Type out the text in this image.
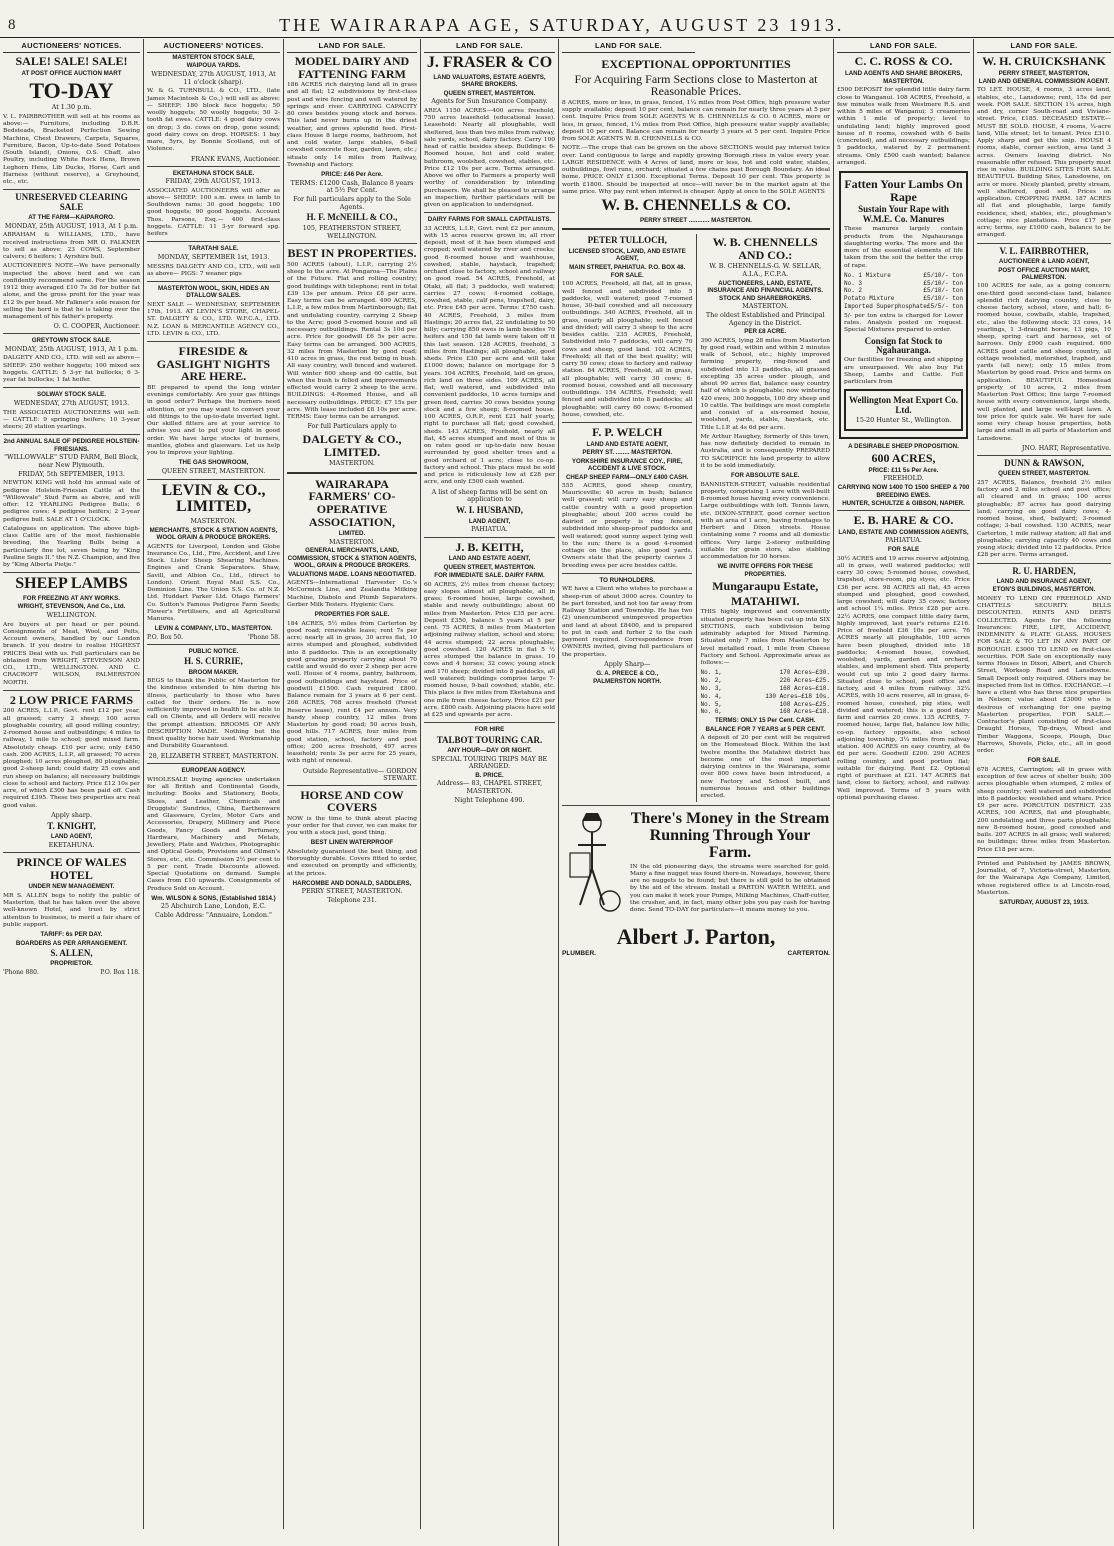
8	THE WAIRARAPA AGE, SATURDAY, AUGUST 23 1913.
AUCTIONEERS' NOTICES.
SALE! SALE! SALE!
AT POST OFFICE AUCTION MART
TO-DAY
At 1.30 p.m.
V. L. FAIRBROTHER will sell at his rooms as above:— Furniture, including D.B.R. Bedsteads, Bracketed Perfection Sewing Machine, Chest Drawers, Carpets, Squares, Furniture, Bacon, Up-to-date Seed Potatoes (South Island), Onions, O.S. Chaff, also Poultry, including White Rock Hens, Brown Leghorn Hens, Lib Ducks, Horse, Cart and Harness (without reserve), a Greyhound, etc., etc.
UNRESERVED CLEARING SALE
AT THE FARM—KAIPARORO.
MONDAY, 25th AUGUST, 1913, At 1 p.m.
ABRAHAM & WILLIAMS, LTD., have received instructions from MR O. FALKNER to sell as above: 23 COWS, September calvers; 6 heifers; 1 Ayrshire bull.
AUCTIONEER'S NOTE—We have personally inspected the above herd and we can confidently recommend same. For the season 1912 they averaged £10 7s 3d for butter fat alone, and the gross profit for the year was £12 9s per head. Mr Falkner's sole reason for selling the herd is that he is taking over the management of his father's property.
O. C. COOPER, Auctioneer.
GREYTOWN STOCK SALE.
MONDAY, 25th AUGUST, 1913, At 1 p.m.
DALGETY AND CO., LTD. will sell as above— SHEEP: 250 wether hoggets; 100 mixed sex hoggets. CATTLE: 5 3-yr fat bullocks; 6 3-year fat bullocks; 1 fat heifer.
SOLWAY STOCK SALE.
WEDNESDAY, 27th AUGUST, 1913.
THE ASSOCIATED AUCTIONEERS will sell:— CATTLE: 9 springing heifers; 10 3-year steers; 20 station yearlings.
2nd ANNUAL SALE OF PEDIGREE HOLSTEIN-FRIESIANS.
"WILLOWVALE" STUD FARM, Bell Block, near New Plymouth.
FRIDAY, 5th SEPTEMBER, 1913.
NEWTON KING will hold his annual sale of pedigree Holstein-Friesian Cattle at the "Willowvale" Stud Farm as above, and will offer: 12 YEARLING Pedigree Bulls; 6 pedigree cows; 4 pedigree heifers; 2 2-year pedigree bull. SALE AT 1 O'CLOCK.
Catalogues on application. The above high-class Cattle are of the most fashionable breeding, the Yearling Bulls being a particularly fine lot, seven being by "King Pauline Segis II." the N.Z. Champion, and five by "King Alberta Pietje."
SHEEP LAMBS
FOR FREEZING AT ANY WORKS.
WRIGHT, STEVENSON, And Co., Ltd.
WELLINGTON.
Are buyers at per head or per pound. Consignments of Meat, Wool, and Pelts, Account owners, handled by our London branch. If you desire to realise HIGHEST PRICES Deal with us. Full particulars can be obtained from WRIGHT, STEVENSON AND CO., LTD., WELLINGTON. AND C. CRACROFT WILSON, PALMERSTON NORTH.
2 LOW PRICE FARMS
200 ACRES, L.I.P., Govt. rent £12 per year, all grassed; carry 2 sheep; 100 acres ploughable country, all good rolling country; 2-roomed house and outbuildings; 4 miles to railway, 1 mile to school; good mixed farm. Absolutely cheap. £10 per acre; only £450 cash. 200 ACRES, L.I.P., all grassed; 70 acres ploughed; 10 acres ploughed, 80 ploughable; good 2-sheep land; could dairy 25 cows and run sheep on balance; all necessary buildings close to school and factory. Price £12 10s per acre, of which £300 has been paid off. Cash required £395. These two properties are real good value.
Apply sharp.
T. KNIGHT,
LAND AGENT,
EKETAHUNA.
PRINCE OF WALES HOTEL
UNDER NEW MANAGEMENT.
MR S. ALLEN begs to notify the public of Masterton, that he has taken over the above well-known Hotel, and trust by strict attention to business, to merit a fair share of public support.
TARIFF: 6s PER DAY.
BOARDERS AS PER ARRANGEMENT.
S. ALLEN,
PROPRIETOR.
'Phone 880.	P.O. Box 118.
AUCTIONEERS' NOTICES.
MASTERTON STOCK SALE,
WAIPOUA YARDS.
WEDNESDAY, 27th AUGUST, 1913, At 11 o'clock (sharp).
W. & G. TURNBULL & CO., LTD., (late James Macintosh & Co.,) will sell as above:— SHEEP: 180 block face hoggets; 50 woolly hoggets; 50 woolly hoggets; 50 2-tooth fat ewes. CATTLE: 4 good dairy cows on drop; 3 do. cows on drop, gone sound; good dairy cows on drop. HORSES: 1 bay mare, 5yrs, by Bonnie Scotland, out of Violence.
FRANK EVANS, Auctioneer.
EKETAHUNA STOCK SALE.
FRIDAY, 29th AUGUST, 1913.
ASSOCIATED AUCTIONEERS will offer as above— SHEEP: 100 s.m. ewes in lamb to Southdown rams; 30 good hoggets; 100 good hoggets; 90 good hoggets. Account Thos. Parsons, Esq.— 400 first-class hoggets. CATTLE: 11 3-yr forward spg. heifers
TARATAHI SALE.
MONDAY, SEPTEMBER 1st, 1913.
MESSRS DALGETY AND CO., LTD., will sell as above— PIGS: 7 weaner pigs
MASTERTON WOOL, SKIN, HIDES AN DTALLOW SALES.
NEXT SALE — WEDNESDAY, SEPTEMBER 17th, 1913. AT LEVIN'S STORE, CHAPEL-ST. DALGETY & CO., LTD. W.F.C.A., LTD. N.Z. LOAN & MERCANTILE AGENCY CO., LTD. LEVIN & CO., LTD.
FIRESIDE & GASLIGHT NIGHTS ARE HERE.
BE prepared to spend the long winter evenings comfortably. Are your gas fittings in good order? Perhaps the burners need attention, or you may want to convert your old fittings to the up-to-date inverted light. Our skilled fitters are at your service to advise you and to put your light in good order. We have large stocks of burners, mantles, globes and glassware. Let us help you to improve your lighting.
THE GAS SHOWROOM,
QUEEN STREET, MASTERTON.
LEVIN & CO., LIMITED,
MASTERTON.
MERCHANTS, STOCK & STATION AGENTS, WOOL GRAIN & PRODUCE BROKERS.
AGENTS for Liverpool, London and Globe Insurance Co., Ltd., Fire, Accident, and Live Stock. Lister Sheep Shearing Machines. Engines and Crank Separators. Shaw, Savill, and Albion Co., Ltd., (direct to London). Orient Royal Mail S.S. Co., Dominion Line. The Union S.S. Co. of N.Z. Ltd. Huddart Parker Ltd. Otago Farmers' Co. Sutton's Famous Pedigree Farm Seeds; Flower's Fertilisers, and all Agricultural Manures.
LEVIN & COMPANY, LTD., MASTERTON.
P.O. Box 50.	'Phone 58.
PUBLIC NOTICE.
H. S. CURRIE,
BROOM MAKER.
BEGS to thank the Public of Masterton for the kindness extended to him during his illness, particularly to those who have called for their orders. He is now sufficiently improved in health to be able to call on Clients, and all Orders will receive the prompt attention. BROOMS OF ANY DESCRIPTION MADE. Nothing but the finest quality horse hair used. Workmanship and Durability Guaranteed.
28, ELIZABETH STREET, MASTERTON.
EUROPEAN AGENCY.
WHOLESALE buying agencies undertaken for all British and Continental Goods, including: Books and Stationery, Boots, Shoes, and Leather, Chemicals and Druggists' Sundries, China, Earthenware and Glassware, Cycles, Motor Cars and Accessories, Drapery, Millinery and Piece Goods, Fancy Goods and Perfumery, Hardware, Machinery and Metals, Jewellery, Plate and Watches, Photographic and Optical Goods, Provisions and Oilmen's Stores, etc., etc. Commission 2½ per cent to 5 per cent. Trade Discounts allowed. Special Quotations on demand. Sample Cases from £10 upwards. Consignments of Produce Sold on Account.
Wm. WILSON & SONS, (Established 1814.)
25 Abchurch Lane, London, E.C.
Cable Address: "Annuaire, London."
LAND FOR SALE.
MODEL DAIRY AND FATTENING FARM
186 ACRES rich dairying land all in grass and all flat; 12 subdivisions by first-class post and wire fencing and well watered by springs and river. CARRYING CAPACITY 80 cows besides young stock and horses. This land never burns up in the driest weather, and grows splendid feed. First-class House 8 large rooms, bathroom, hot and cold water, large stables, 6-bail cowshed concrete floor, garden, lawn, etc.; situate only 14 miles from Railway, Township and Factory.
PRICE: £46 Per Acre.
TERMS: £1200 Cash, Balance 8 years at 5½ Per Cent.
For full particulars apply to the Sole Agents.
H. F. McNEILL & CO.,
105, FEATHERSTON STREET, WELLINGTON.
BEST IN PROPERTIES.
500 ACRES (about), L.I.P., carrying 2½ sheep to the acre. At Pongaroa—The Plains of the Future. Flat and rolling country; good buildings with telephone; rent in total £39 13s per annum. Price £8 per acre. Easy terms can be arranged. 490 ACRES, L.I.P., a few miles from Martinborough; flat and undulating country, carrying 2 Sheep to the Acre; good 5-roomed house and all necessary outbuildings. Rental 3s 10d per acre. Price for goodwill £6 5s per acre. Easy terms can be arranged. 500 ACRES, 32 miles from Masterton by good road; 410 acres in grass, the rest being in bush. All easy country, well fenced and watered. Will winter 600 sheep and 60 cattle, but when the bush is felled and improvements effected would carry 2 sheep to the acre. BUILDINGS: 4-Roomed House, and all necessary outbuildings. PRICE: £7 15s per acre. With lease included £8 10s per acre. TERMS: Easy terms can be arranged.
For full Particulars apply to
DALGETY & CO., LIMITED.
MASTERTON.
WAIRARAPA FARMERS' CO-OPERATIVE ASSOCIATION,
LIMITED.
MASTERTON.
GENERAL MERCHANTS, LAND, COMMISSION, STOCK & STATION AGENTS, WOOL, GRAIN & PRODUCE BROKERS.
VALUATIONS MADE. LOANS NEGOTIATED.
AGENTS—International Harvester Co.'s McCormick Line, and Zealandia Milking Machine, Diabolo and Plumb Separators. Gerber Milk Testers. Hygienic Cars.
PROPERTIES FOR SALE.
184 ACRES, 5½ miles from Carterton by good road; renewable lease; rent 7s per acre; nearly all in grass, 30 acres flat, 10 acres stumped and ploughed, subdivided into 8 paddocks. This is an exceptionally good grazing property carrying about 70 cattle and would do over 2 sheep per acre well. House of 4 rooms, pantry, bathroom, good outbuildings and haystead. Price of goodwill £1500. Cash required £800. Balance remain for 3 years at 6 per cent. 268 ACRES, 768 acres freehold (Forest Reserve lease), rent £4 per annum. Very handy sheep country, 12 miles from Masterton by good road; 50 acres bush, good hills. 717 ACRES, four miles from good station, school, factory and post office; 200 acres freehold, 497 acres leasehold; rents 3s per acre for 25 years, with right of renewal.
Outside Representative— GORDON STEWART.
HORSE AND COW COVERS
NOW is the time to think about placing your order for that cover, we can make for you with a stock just, good thing.
BEST LINEN WATERPROOF
Absolutely guaranteed the best thing, and thoroughly durable. Covers fitted to order, and executed on promptly and efficiently, at the prices.
HARCOMBE AND DONALD, SADDLERS,
PERRY STREET, MASTERTON.
Telephone 231.
LAND FOR SALE.
J. FRASER & CO
LAND VALUATORS, ESTATE AGENTS, SHARE BROKERS.
QUEEN STREET, MASTERTON.
Agents for Sun Insurance Company.
AREA 1150 ACRES—400 acres freehold, 750 acres leasehold (educational lease). Leasehold: Nearly all ploughable, well sheltered, less than two miles from railway, sale yards, school, dairy factory. Carry 100 head of cattle besides sheep. Buildings: 6-Roomed house, hot and cold water, bathroom, woolshed, cowshed, stables, etc. Price £12 10s per acre. Terms arranged. Above we offer to Farmers a property well worthy of consideration by intending purchasers. We shall be pleased to arrange an inspection, further particulars will be given on application to undersigned.
DAIRY FARMS FOR SMALL CAPITALISTS.
33 ACRES, L.I.P., Govt. rent £2 per annum, with 15 acres reserve grown in; all river deposit, most of it has been stumped and cropped; well watered by river and creeks; good 6-roomed house and washhouse, cowshed, stable, haystack, trapshed; orchard close to factory, school and railway on good road. 54 ACRES, Freehold, at Otaki, all flat; 3 paddocks, well watered; carries 27 cows; 4-roomed cottage, cowshed, stable, calf pens, trapshed, dairy, etc. Price £45 per acre. Terms: £750 cash. 40 ACRES, Freehold, 3 miles from Hastings; 20 acres flat, 22 undulating to 50 hilly; carrying 850 ewes in lamb besides 70 heifers and 150 fat lamb were taken off it this last season. 128 ACRES, freehold, 3 miles from Hastings; all ploughable, good sheds. Price £30 per acre and will take £1000 down; balance on mortgage for 5 years. 104 ACRES, Freehold, laid on grass, rich land on three sides. 109 ACRES, all flat, well watered, and subdivided into convenient paddocks, 10 acres turnips and green feed, carries 30 cows besides young stock and a few sheep; 8-roomed house. 100 ACRES, O.R.P., rent £21 half yearly, right to purchase all flat; good cowshed, sheds. 143 ACRES, Freehold, nearly all flat, 45 acres stumped and most of this is on rates good or up-to-date new house surrounded by good shelter trees and a good orchard of 1 acre; close to co-op. factory and school. This place must be sold and price is ridiculously low at £28 per acre, and only £500 cash wanted.
A list of sheep farms will be sent on application to
W. I. HUSBAND,
LAND AGENT,
PAHIATUA.
J. B. KEITH,
LAND AND ESTATE AGENT,
QUEEN STREET, MASTERTON.
FOR IMMEDIATE SALE. DAIRY FARM.
60 ACRES, 2½ miles from cheese factory; easy slopes almost all ploughable, all in grass; 6-roomed house, large cowshed, stable and newly outbuildings; about 60 miles from Masterton. Price £35 per acre. Deposit £350, balance 5 years at 5 per cent. 75 ACRES, 8 miles from Masterton adjoining railway station, school and store; 44 acres stumped; 22 acres ploughable; good cowshed. 120 ACRES in flat 5 ½ acres stumped the balance in grass. 10 cows and 4 horses; 32 cows; young stock and 170 sheep; divided into 8 paddocks, all well watered; buildings comprise large 7-roomed house, 9-bail cowshed, stable, etc. This place is five miles from Eketahuna and one mile from cheese factory. Price £21 per acre. £800 cash. Adjoining places have sold at £25 and upwards per acre.
FOR HIRE
TALBOT TOURING CAR.
ANY HOUR—DAY OR NIGHT.
SPECIAL TOURING TRIPS MAY BE ARRANGED.
B. PRICE.
Address— 83, CHAPEL STREET, MASTERTON.
Night Telephone 490.
LAND FOR SALE.
EXCEPTIONAL OPPORTUNITIES
For Acquiring Farm Sections close to Masterton at Reasonable Prices.
8 ACRES, more or less, in grass, fenced, 1¼ miles from Post Office, high pressure water supply available; deposit 10 per cent, balance can remain for nearly three years at 5 per cent. Inquire Price from SOLE AGENTS W. B. CHENNELLS & CO. 6 ACRES, more or less, in grass, fenced, 1¼ miles from Post Office, high pressure water supply available; deposit 10 per cent. Balance can remain for nearly 3 years at 5 per cent. Inquire Price from SOLE AGENTS W. B. CHENNELLS & CO.
NOTE.—The crops that can be grown on the above SECTIONS would pay interest twice over. Land contiguous to large and rapidly growing Borough rises in value every year. LARGE RESIDENCE with 4 Acres of land, more or less, hot and cold water, stables, outbuildings, fowl runs, orchard; situated a few chains past Borough Boundary. An ideal home. PRICE ONLY £1300. Exceptional Terms. Deposit 10 per cent. This property is worth £1800. Should be inspected at once—will never be in the market again at the same price. Why pay rent when interest is cheaper. Apply at once to the SOLE AGENTS
W. B. CHENNELLS & CO.
PERRY STREET ............ MASTERTON.
PETER TULLOCH,
LICENSED STOCK, LAND, AND ESTATE AGENT,
MAIN STREET, PAHIATUA. P.O. BOX 48.
FOR SALE.
100 ACRES, Freehold, all flat, all in grass, well fenced and subdivided into 5 paddocks, well watered; good 7-roomed house, 30-bail cowshed and all necessary outbuildings. 340 ACRES, Freehold, all in grass, nearly all ploughable; well fenced and divided; will carry 3 sheep to the acre besides cattle. 235 ACRES, Freehold, Subdivided into 7 paddocks, will carry 70 cows and sheep, good land. 102 ACRES, Freehold; all flat of the best quality; will carry 50 cows; close to factory and railway station. 84 ACRES, Freehold, all in grass, all ploughable; will carry 30 cows; 6-roomed house, cowshed and all necessary outbuildings. 154 ACRES, Freehold; well fenced and subdivided into 8 paddocks; all ploughable; will carry 60 cows; 6-roomed house, cowshed, etc.
F. P. WELCH
LAND AND ESTATE AGENT,
PERRY ST. ........ MASTERTON.
YORKSHIRE INSURANCE COY., FIRE, ACCIDENT & LIVE STOCK.
CHEAP SHEEP FARM—ONLY £400 CASH.
555 ACRES, good sheep country, Mauriceville; 40 acres in bush; balance well grassed; will carry easy sheep and cattle country with a good proportion ploughable; about 200 acres could be dairied or property is ring fenced, subdivided into sheep-proof paddocks and well watered; good sunny aspect lying well to the sun; there is a good 4-roomed cottage on the place, also good yards. Owners state that the property carries 3 breeding ewes per acre besides cattle.
TO RUNHOLDERS.
WE have a Client who wishes to purchase a sheep-run of about 3000 acres. Country to be part forested, and not too far away from Railway Station and Township. He has two (2) unencumbered unimproved properties and land at about £8400, and is prepared to put in cash and furher 2 to the cash payment required. Correspondence from OWNERS invited, giving full particulars of the properties.
Apply Sharp—
G. A. PREECE & CO.,
PALMERSTON NORTH.
W. B. CHENNELLS AND CO.:
W. B. CHENNELLS-G. W. SELLAR, A.I.A., F.C.P.A.
AUCTIONEERS, LAND, ESTATE, INSURANCE AND FINANCIAL AGENTS. STOCK AND SHAREBROKERS.
MASTERTON.
The oldest Established and Principal Agency in the District.
PER £8 ACRE.
390 ACRES, lying 28 miles from Masterton by good road, within and within 2 minutes walk of School, etc.; highly improved farming property, ring-fenced and subdivided into 13 paddocks, all grassed excepting 35 acres under plough, and about 90 acres flat, balance easy country half of which is ploughable; now wintering 420 ewes, 300 hoggets, 100 dry sheep and 10 cattle. The buildings are most complete and consist of a six-roomed house, woolshed, yards, stable, haystack, etc. Title L.I.P. at 4s 6d per acre.
Mr Arthur Haughey, formerly of this town, has now definitely decided to remain in Australia, and is consequently PREPARED TO SACRIFICE his land property to allow it to be sold immediately.
FOR ABSOLUTE SALE.
BANNISTER-STREET, valuable residential property, comprising 1 acre with well-built 8-roomed house having every convenience. Large outbuildings with loft. Tennis lawn, etc. DIXON-STREET, good corner section with an area of 1 acre, having frontages to Herbert and Dixon streets. House containing some 7 rooms and all domestic offices. Very large 2-storey outbuilding suitable for grain store, also stabling accommodation for 30 horses.
WE INVITE OFFERS FOR THESE PROPERTIES.
Mungaraupu Estate,
MATAHIWI.
THIS highly improved and conveniently situated property has been cut up into SIX SECTIONS, each subdivision being admirably adapted for Mixed Farming. Situated only 7 miles from Masterton by level metalled road, 1 mile from Cheese Factory and School. Approximate areas as follows:—
No. 1,	170 Acres—£30.
No. 2,	226 Acres—£25.
No. 3,	168 Acres—£18.
No. 4,	130 Acres—£18 10s.
No. 5,	108 Acres—£25.
No. 6,	168 Acres—£18.
TERMS: ONLY 15 Per Cent. CASH.
BALANCE FOR 7 YEARS at 5 PER CENT.
A deposit of 20 per cent will be required on the Homestead Block. Within the last twelve months the Matahiwi district has become one of the most important dairying centres in the Wairarapa, some over 800 cows have been introduced, a new Factory and School built, and numerous houses and other buildings erected.
There's Money in the Stream Running Through Your Farm.
IN the old pioneering days, the streams were searched for gold. Many a fine nugget was found there-in. Nowadays, however, there are no nuggets to be found; but there is still gold to be obtained by the aid of the stream. Install a PARTON WATER WHEEL and you can make it work your Pumps, Milking Machines, Chaff-cutter, the crusher, and, in fact, many other jobs you pay cash for having done. Send TO-DAY for particulars—it means money to you.
Albert J. Parton,
PLUMBER.	CARTERTON.
LAND FOR SALE.
C. C. ROSS & CO.
LAND AGENTS AND SHARE BROKERS,
MASTERTON.
£500 DEPOSIT for splendid little dairy farm close to Wanganui. 108 ACRES, Freehold, a few minutes walk from Westmere R.S. and within 5 miles of Wanganui; 3 creameries within 1 mile of property; level to undulating land; highly improved good house of 6 rooms, cowshed with 6 bails (concreted), and all necessary outbuildings; 5 paddocks, watered by 2 permanent streams. Only £500 cash wanted; balance arranged.
Fatten Your Lambs On Rape
Sustain Your Rape with W.M.E. Co. Manures
These manures largely contain products from the Ngahauranga slaughtering works. The more and the more of the essential elements of life taken from the soil the better the crop of rape.
No. 1 Mixture	£5/10/- ton
No. 3	£5/10/- ton
No. 2	£5/10/- ton
Potato Mixture	£5/10/- ton
Imported Superphosphate £5/5/- ton
5/- per ton extra is charged for Lower rates. Analysis posted on request. Special Mixtures prepared to order.
Consign fat Stock to Ngahauranga.
Our facilities for freezing and shipping are unsurpassed. We also buy Fat Sheep, Lambs and Cattle. Full particulars from
Wellington Meat Export Co. Ltd.
15-20 Hunter St., Wellington.
A DESIRABLE SHEEP PROPOSITION.
600 ACRES,
PRICE: £11 5s Per Acre.
FREEHOLD.
CARRYING NOW 1400 TO 1500 SHEEP & 700 BREEDING EWES.
HUNTER, SCHULTZE & GIBSON, NAPIER.
E. B. HARE & CO.
LAND, ESTATE AND COMMISSION AGENTS,
PAHIATUA.
FOR SALE
30½ ACRES and 19 acres reserve adjoining, all in grass, well watered paddocks; will carry 30 cows; 5-roomed house, cowshed, trapshed, store-room, pig styes, etc. Price £36 per acre. 98 ACRES all flat, 45 acres stumped and ploughed, good cowshed, large cowshed; will dairy 35 cows; factory and school 1¼ miles. Price £28 per acre. 22½ ACRES, one compact little dairy farm, highly improved, last year's returns £216. Price of freehold £36 10s per acre. 76 ACRES nearly all ploughable, 100 acres have been ploughed, divided into 18 paddocks; 4-roomed house, cowshed, woolshed, yards, garden and orchard, stables, and implement shed. This property would cut up into 2 good dairy farms. Situated close to school, post office and factory, and 4 miles from railway. 32¼ ACRES, with 10 acre reserve, all in grass, 6-roomed house, cowshed, pig sties, well divided and watered; this is a good dairy farm and carries 20 cows. 135 ACRES, 7-roomed house, large flat, balance low hills; co-op. factory opposite, also school adjoining township, 3¼ miles from railway station. 400 ACRES on easy country, at 6s 6d per acre. Goodwill £200. 290 ACRES rolling country, and good portion flat; suitable for dairying. Rent £2. Optional right of purchase at £21. 147 ACRES flat land, close to factory, school, and railway. Well improved. Terms of 5 years with optional purchasing clause.
LAND FOR SALE.
W. H. CRUICKSHANK
PERRY STREET, MASTERTON,
LAND AND GENERAL COMMISSION AGENT.
TO LET. HOUSE, 4 rooms, 3 acres land, stables, etc., Lansdowne; rent, 15s 6d per week. FOR SALE. SECTION 1¼ acres, high and dry, corner South-road and Viviane-street. Price, £185. DECEASED ESTATE—MUST BE SOLD. HOUSE, 4 rooms, ¼-acre land, Villa street; let to tenant. Price £310. Apply sharp and get this snip. HOUSE 4 rooms, stable, corner section, area land 3 acres. Owners leaving district. No reasonable offer refused. This property must rise in value. BUILDING SITES FOR SALE. BEAUTIFUL Building Sites, Lansdowne, on acre or more. Nicely planted, pretty stream, well sheltered, good soil. Prices on application. CROPPING FARM. 187 ACRES all flat and ploughable, large family residence, shed, stables, etc., ploughman's cottage; nice plantations. Price £17 per acre; terms, say £1000 cash, balance to be arranged.
V. L. FAIRBROTHER,
AUCTIONEER & LAND AGENT,
POST OFFICE AUCTION MART, PALMERSTON.
100 ACRES for sale, as a going concern; one-third good second-class land, balance splendid rich dairying country, close to cheese factory, school, store, and hall; 6-roomed house, cowbails, stable, trapshed, etc., also the following stock: 33 cows, 14 yearlings, 1 3-draught horse, 13 pigs, 10 sheep, spring cart and harness, set of harrows. Only £900 cash required. 600 ACRES good cattle and sheep country, all cottage woolshed, motorshed, traphed, and yards (all new); only 15 miles from Masterton by good road. Price and terms on application. BEAUTIFUL Homestead property of 10 acres, 2 miles from Masterton Post Office; fine large 7-roomed house with every convenience, large sheds, well planted, and large well-kept lawn. A low price for quick sale. We have for sale some very cheap house properties, both large and small in all parts of Masterton and Lansdowne.
JNO. HART, Representative.
DUNN & RAWSON,
QUEEN STREET, MASTERTON.
257 ACRES, Balance, freehold 2½ miles factory and 2 miles school and post office; all cleared and in grass; 100 acres ploughable; 87 acres has good dairying land; carrying on good dairy cows; 4-roomed house, shed, bailyard; 3-roomed cottage; 3-bail cowshed. 130 ACRES, near Carterton, 1 mile railway station; all flat and ploughable; carrying capacity 40 cows and young stock; divided into 12 paddocks. Price £28 per acre. Terms arranged.
R. U. HARDEN,
LAND AND INSURANCE AGENT,
ETON'S BUILDINGS, MASTERTON.
MONEY TO LEND ON FREEHOLD AND CHATTELS SECURITY. BILLS DISCOUNTED. RENTS AND DEBTS COLLECTED. Agents for the following Insurances: FIRE, LIFE, ACCIDENT, INDEMNITY & PLATE GLASS. HOUSES FOR SALE & TO LET IN ANY PART OF BOROUGH. £3000 TO LEND on first-class securities. FOR Sale on exceptionally easy terms Houses in Dixon, Albert, and Church Street, Worksop Road and Lansdowne. Small Deposit only required. Others may be inspected from list in Office. EXCHANGE.—I have a client who has three nice properties in Nelson; value about £3000 who is desirous of exchanging for one paying Masterton properties. FOR SALE.—Contractor's plant consisting of first-class Draught Horses, Tip-drays, Wheel and Timber Waggons, Scoops, Plough, Disc Harrows, Shovels, Picks, etc., all in good order.
FOR SALE.
678 ACRES, Carrington; all in grass with exception of few acres of shelter bush; 300 acres ploughable when stumped, 2 miles of sheep country; well watered and subdivided into 8 paddocks; woolshed and whare. Price £9 per acre. PORCUTON DISTRICT. 235 ACRES, 100 ACRES, flat and ploughable, 200 undulating and three parts ploughable; new 8-roomed house, good cowshed and bails. 207 ACRES in all grass; well watered; no buildings; three miles from Masterton. Price £18 per acre.
Printed and Published by JAMES BROWN, Journalist, of 7, Victoria-street, Masterton, for the Wairarapa Age Company, Limited, whose registered office is at Lincoln-road, Masterton.
SATURDAY, AUGUST 23, 1913.
